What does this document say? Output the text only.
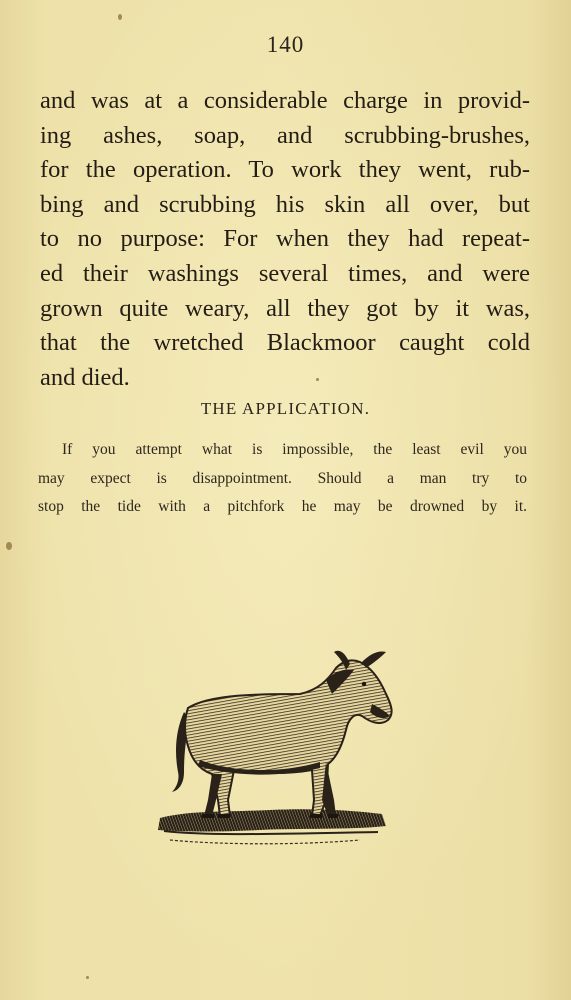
140
and was at a considerable charge in provid-
ing ashes, soap, and scrubbing-brushes,
for the operation. To work they went, rub-
bing and scrubbing his skin all over, but
to no purpose: For when they had repeat-
ed their washings several times, and were
grown quite weary, all they got by it was,
that the wretched Blackmoor caught cold
and died.
THE APPLICATION.
If you attempt what is impossible, the least evil you
may expect is disappointment. Should a man try to
stop the tide with a pitchfork he may be drowned by it.
